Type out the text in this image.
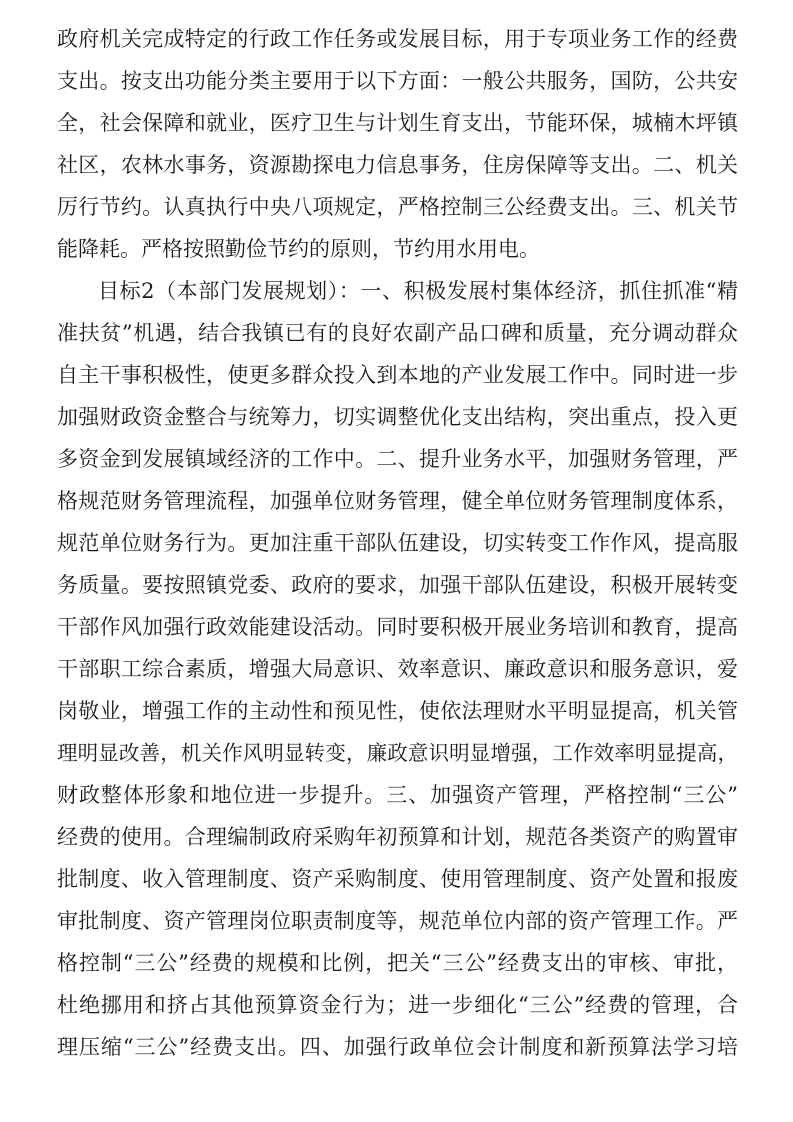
政府机关完成特定的行政工作任务或发展目标，用于专项业务工作的经费

支出。按支出功能分类主要用于以下方面：一般公共服务，国防，公共安

全，社会保障和就业，医疗卫生与计划生育支出，节能环保，城楠木坪镇

社区，农林水事务，资源勘探电力信息事务，住房保障等支出。二、机关

厉行节约。认真执行中央八项规定，严格控制三公经费支出。三、机关节

能降耗。严格按照勤俭节约的原则，节约用水用电。

目标2（本部门发展规划）：一、积极发展村集体经济，抓住抓准“精

准扶贫”机遇，结合我镇已有的良好农副产品口碑和质量，充分调动群众

自主干事积极性，使更多群众投入到本地的产业发展工作中。同时进一步

加强财政资金整合与统筹力，切实调整优化支出结构，突出重点，投入更

多资金到发展镇域经济的工作中。二、提升业务水平，加强财务管理，严

格规范财务管理流程，加强单位财务管理，健全单位财务管理制度体系，

规范单位财务行为。更加注重干部队伍建设，切实转变工作作风，提高服

务质量。要按照镇党委、政府的要求，加强干部队伍建设，积极开展转变

干部作风加强行政效能建设活动。同时要积极开展业务培训和教育，提高

干部职工综合素质，增强大局意识、效率意识、廉政意识和服务意识，爱

岗敬业，增强工作的主动性和预见性，使依法理财水平明显提高，机关管

理明显改善，机关作风明显转变，廉政意识明显增强，工作效率明显提高，

财政整体形象和地位进一步提升。三、加强资产管理，严格控制“三公”

经费的使用。合理编制政府采购年初预算和计划，规范各类资产的购置审

批制度、收入管理制度、资产采购制度、使用管理制度、资产处置和报废

审批制度、资产管理岗位职责制度等，规范单位内部的资产管理工作。严

格控制“三公”经费的规模和比例，把关“三公”经费支出的审核、审批，

杜绝挪用和挤占其他预算资金行为；进一步细化“三公”经费的管理，合

理压缩“三公”经费支出。四、加强行政单位会计制度和新预算法学习培
